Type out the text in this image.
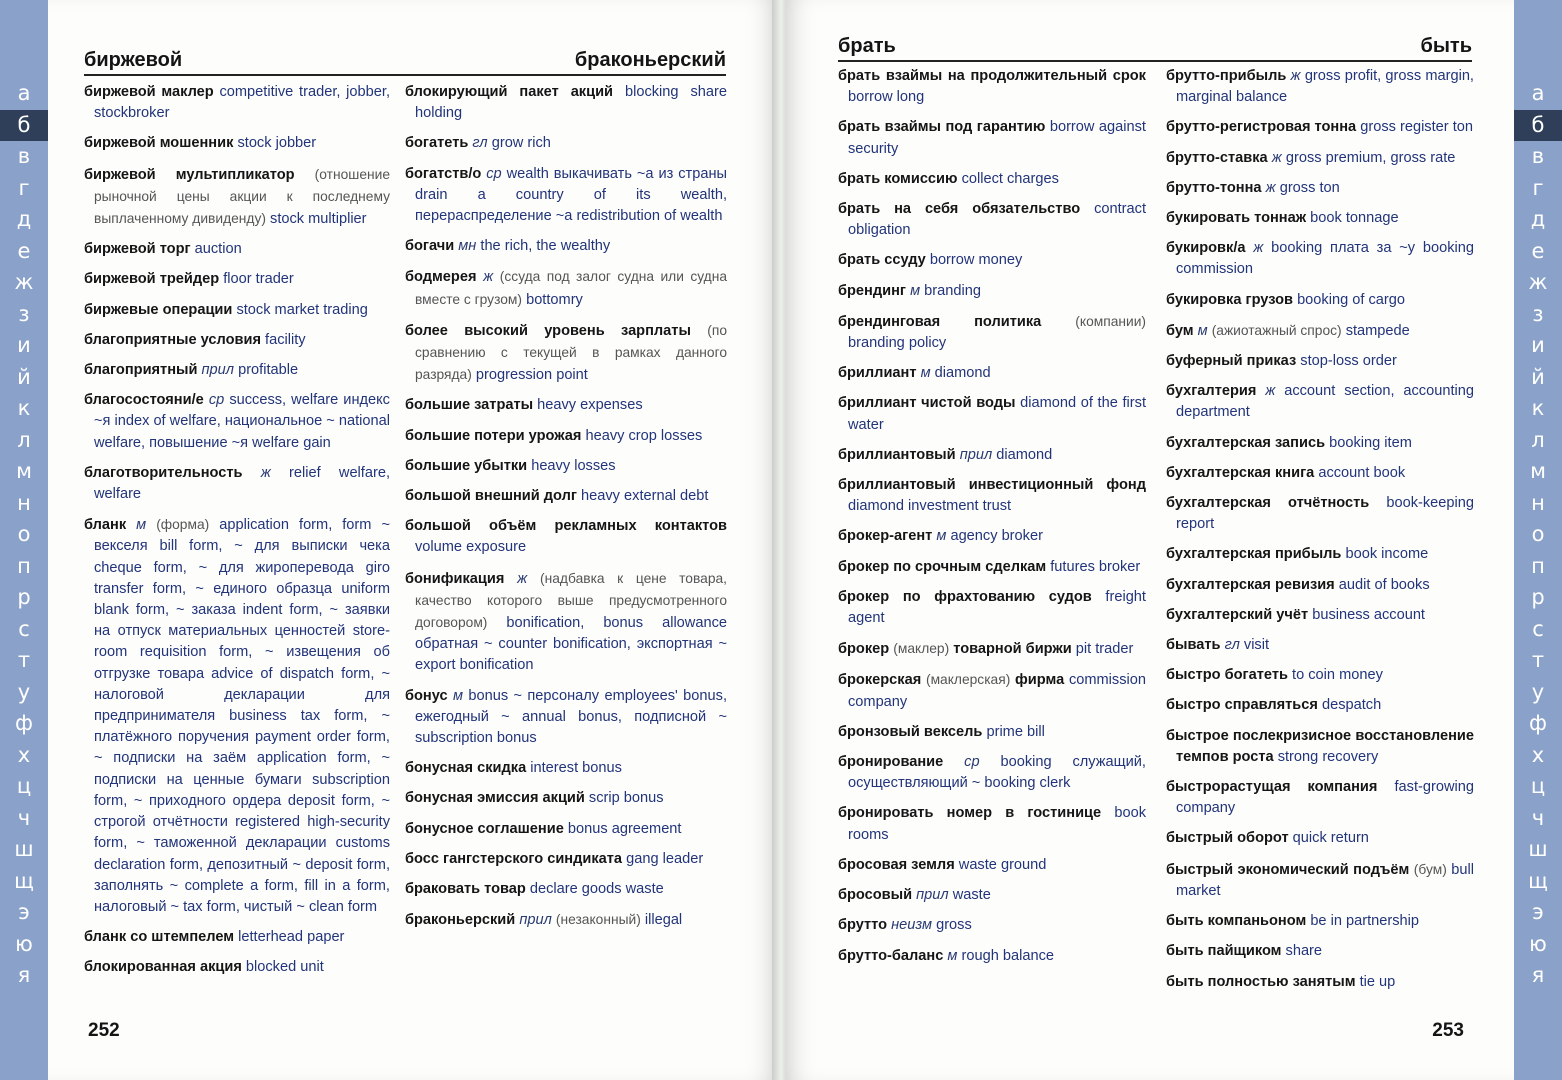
а
б
в
г
д
е
ж
з
и
й
к
л
м
н
о
п
р
с
т
у
ф
х
ц
ч
ш
щ
э
ю
я
биржевой	браконьерский
биржевой маклер competitive trader, jobber, stockbroker
биржевой мошенник stock jobber
биржевой мультипликатор (отношение рыночной цены акции к последнему выплаченному дивиденду) stock multiplier
биржевой торг auction
биржевой трейдер floor trader
биржевые операции stock market trading
благоприятные условия facility
благоприятный прил profitable
благосостояни/е ср success, welfare индекс ~я index of welfare, национальное ~ national welfare, повышение ~я welfare gain
благотворительность ж relief welfare, welfare
бланк м (форма) application form, form ~ векселя bill form, ~ для выписки чека cheque form, ~ для жироперевода giro transfer form, ~ единого образца uniform blank form, ~ заказа indent form, ~ заявки на отпуск материальных ценностей store-room requisition form, ~ извещения об отгрузке товара advice of dispatch form, ~ налоговой декларации для предпринимателя business tax form, ~ платёжного поручения payment order form, ~ подписки на заём application form, ~ подписки на ценные бумаги subscription form, ~ приходного ордера deposit form, ~ строгой отчётности registered high-security form, ~ таможенной декларации customs declaration form, депозитный ~ deposit form, заполнять ~ complete a form, fill in a form, налоговый ~ tax form, чистый ~ clean form
бланк со штемпелем letterhead paper
блокированная акция blocked unit
блокирующий пакет акций blocking share holding
богатеть гл grow rich
богатств/о ср wealth выкачивать ~а из страны drain a country of its wealth, перераспределение ~а redistribution of wealth
богачи мн the rich, the wealthy
бодмерея ж (ссуда под залог судна или судна вместе с грузом) bottomry
более высокий уровень зарплаты (по сравнению с текущей в рамках данного разряда) progression point
большие затраты heavy expenses
большие потери урожая heavy crop losses
большие убытки heavy losses
большой внешний долг heavy external debt
большой объём рекламных контактов volume exposure
бонификация ж (надбавка к цене товара, качество которого выше предусмотренного договором) bonification, bonus allowance обратная ~ counter bonification, экспортная ~ export bonification
бонус м bonus ~ персоналу employees' bonus, ежегодный ~ annual bonus, подписной ~ subscription bonus
бонусная скидка interest bonus
бонусная эмиссия акций scrip bonus
бонусное соглашение bonus agreement
босс гангстерского синдиката gang leader
браковать товар declare goods waste
браконьерский прил (незаконный) illegal
252
а
б
в
г
д
е
ж
з
и
й
к
л
м
н
о
п
р
с
т
у
ф
х
ц
ч
ш
щ
э
ю
я
брать	быть
брать взаймы на продолжительный срок borrow long
брать взаймы под гарантию borrow against security
брать комиссию collect charges
брать на себя обязательство contract obligation
брать ссуду borrow money
брендинг м branding
брендинговая политика (компании) branding policy
бриллиант м diamond
бриллиант чистой воды diamond of the first water
бриллиантовый прил diamond
бриллиантовый инвестиционный фонд diamond investment trust
брокер-агент м agency broker
брокер по срочным сделкам futures broker
брокер по фрахтованию судов freight agent
брокер (маклер) товарной биржи pit trader
брокерская (маклерская) фирма commission company
бронзовый вексель prime bill
бронирование ср booking служащий, осуществляющий ~ booking clerk
бронировать номер в гостинице book rooms
бросовая земля waste ground
бросовый прил waste
брутто неизм gross
брутто-баланс м rough balance
брутто-прибыль ж gross profit, gross margin, marginal balance
брутто-регистровая тонна gross register ton
брутто-ставка ж gross premium, gross rate
брутто-тонна ж gross ton
букировать тоннаж book tonnage
букировк/а ж booking плата за ~у booking commission
букировка грузов booking of cargo
бум м (ажиотажный спрос) stampede
буферный приказ stop-loss order
бухгалтерия ж account section, accounting department
бухгалтерская запись booking item
бухгалтерская книга account book
бухгалтерская отчётность book-keeping report
бухгалтерская прибыль book income
бухгалтерская ревизия audit of books
бухгалтерский учёт business account
бывать гл visit
быстро богатеть to coin money
быстро справляться despatch
быстрое послекризисное восстановление темпов роста strong recovery
быстрорастущая компания fast-growing company
быстрый оборот quick return
быстрый экономический подъём (бум) bull market
быть компаньоном be in partnership
быть пайщиком share
быть полностью занятым tie up
253
